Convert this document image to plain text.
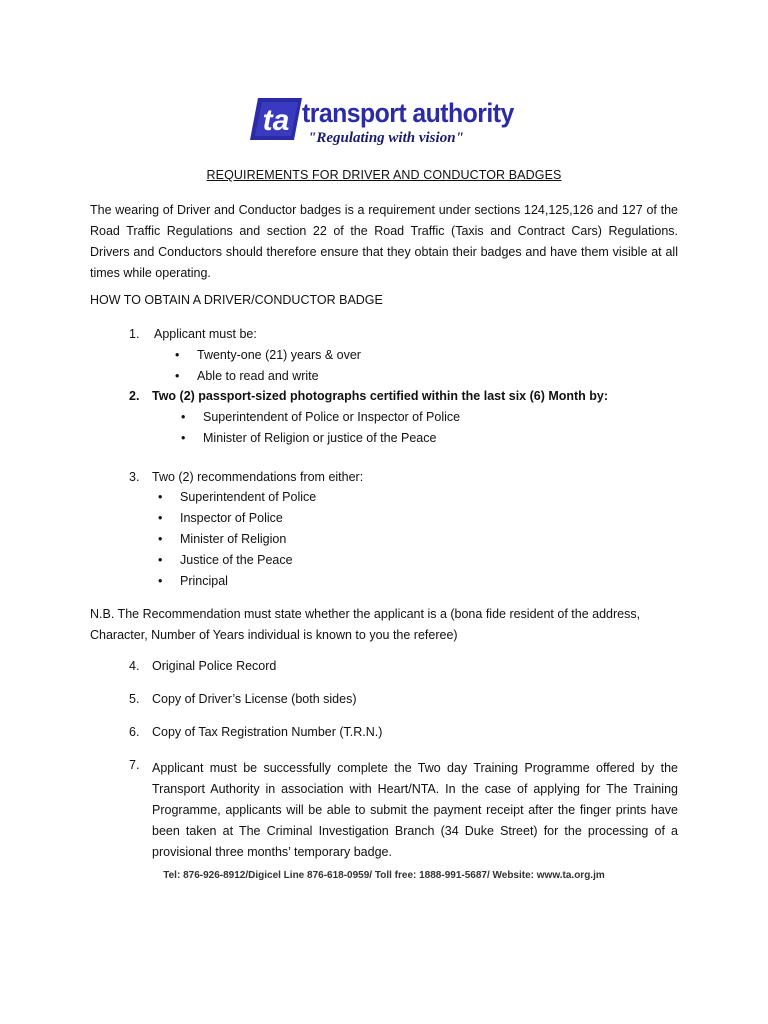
ta transport authority
"Regulating with vision"
REQUIREMENTS FOR DRIVER AND CONDUCTOR BADGES
The wearing of Driver and Conductor badges is a requirement under sections 124,125,126 and 127 of the Road Traffic Regulations and section 22 of the Road Traffic (Taxis and Contract Cars) Regulations. Drivers and Conductors should therefore ensure that they obtain their badges and have them visible at all times while operating.
HOW TO OBTAIN A DRIVER/CONDUCTOR BADGE
1. Applicant must be:
• Twenty-one (21) years & over
• Able to read and write
2. Two (2) passport-sized photographs certified within the last six (6) Month by:
• Superintendent of Police or Inspector of Police
• Minister of Religion or justice of the Peace
3. Two (2) recommendations from either:
• Superintendent of Police
• Inspector of Police
• Minister of Religion
• Justice of the Peace
• Principal
N.B. The Recommendation must state whether the applicant is a (bona fide resident of the address, Character, Number of Years individual is known to you the referee)
4. Original Police Record
5. Copy of Driver’s License (both sides)
6. Copy of Tax Registration Number (T.R.N.)
7. Applicant must be successfully complete the Two day Training Programme offered by the Transport Authority in association with Heart/NTA. In the case of applying for The Training Programme, applicants will be able to submit the payment receipt after the finger prints have been taken at The Criminal Investigation Branch (34 Duke Street) for the processing of a provisional three months’ temporary badge.
Tel: 876-926-8912/Digicel Line 876-618-0959/ Toll free: 1888-991-5687/ Website: www.ta.org.jm
